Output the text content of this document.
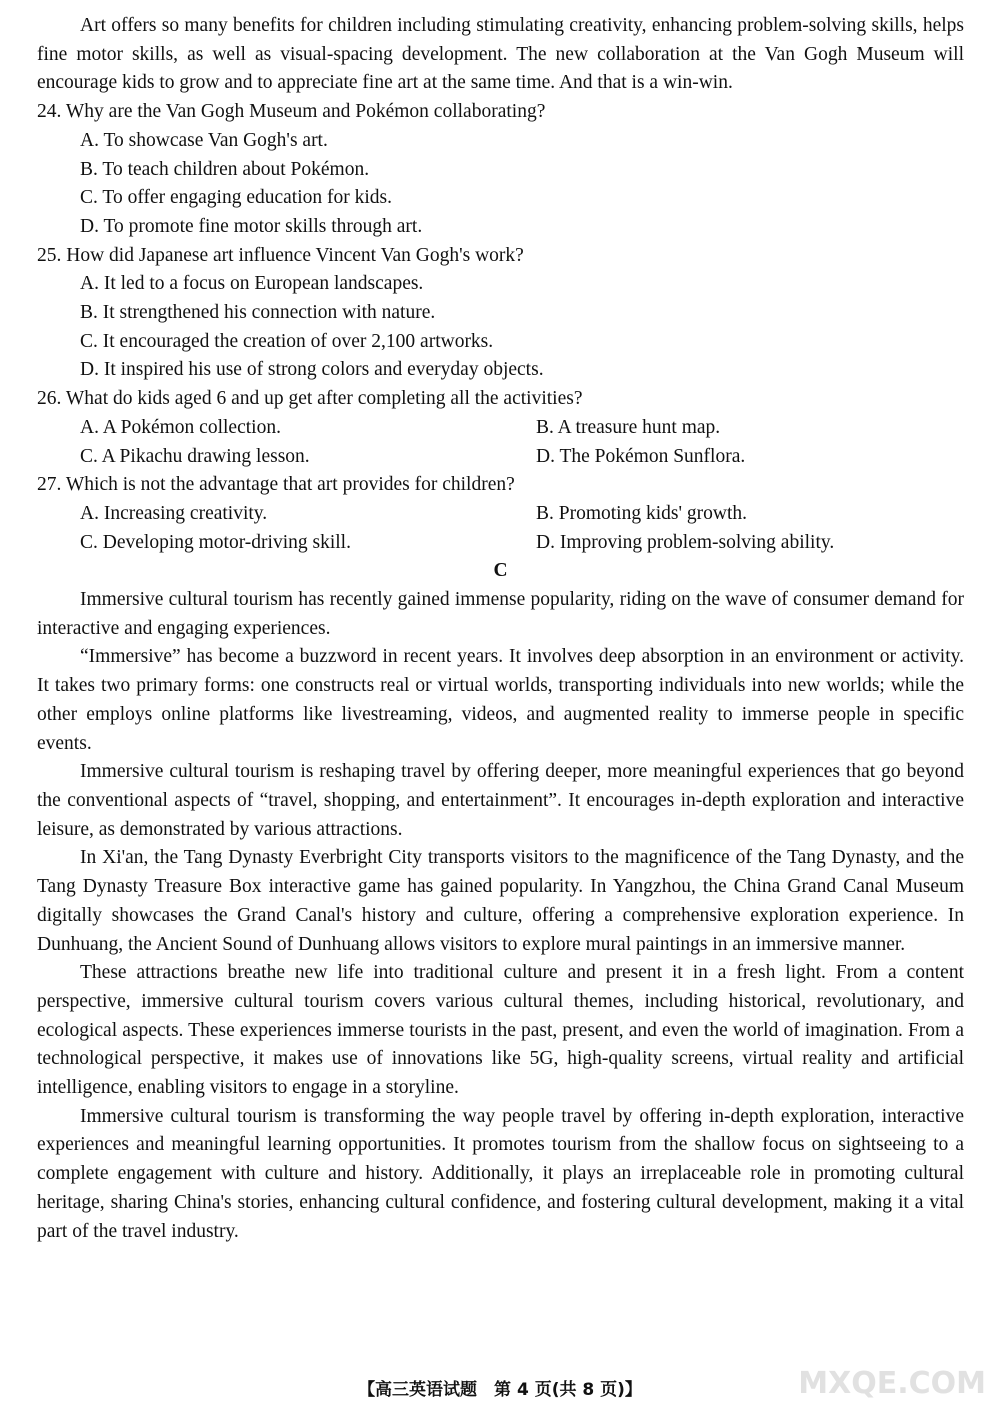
Art offers so many benefits for children including stimulating creativity, enhancing problem-solving skills, helps fine motor skills, as well as visual-spacing development. The new collaboration at the Van Gogh Museum will encourage kids to grow and to appreciate fine art at the same time. And that is a win-win.

24. Why are the Van Gogh Museum and Pokémon collaborating?

A. To showcase Van Gogh's art.

B. To teach children about Pokémon.

C. To offer engaging education for kids.

D. To promote fine motor skills through art.

25. How did Japanese art influence Vincent Van Gogh's work?

A. It led to a focus on European landscapes.

B. It strengthened his connection with nature.

C. It encouraged the creation of over 2,100 artworks.

D. It inspired his use of strong colors and everyday objects.

26. What do kids aged 6 and up get after completing all the activities?

A. A Pokémon collection.	B. A treasure hunt map.
C. A Pikachu drawing lesson.	D. The Pokémon Sunflora.

27. Which is not the advantage that art provides for children?

A. Increasing creativity.	B. Promoting kids' growth.
C. Developing motor-driving skill.	D. Improving problem-solving ability.

C

Immersive cultural tourism has recently gained immense popularity, riding on the wave of consumer demand for interactive and engaging experiences.

“Immersive” has become a buzzword in recent years. It involves deep absorption in an environment or activity. It takes two primary forms: one constructs real or virtual worlds, transporting individuals into new worlds; while the other employs online platforms like livestreaming, videos, and augmented reality to immerse people in specific events.

Immersive cultural tourism is reshaping travel by offering deeper, more meaningful experiences that go beyond the conventional aspects of “travel, shopping, and entertainment”. It encourages in-depth exploration and interactive leisure, as demonstrated by various attractions.

In Xi'an, the Tang Dynasty Everbright City transports visitors to the magnificence of the Tang Dynasty, and the Tang Dynasty Treasure Box interactive game has gained popularity. In Yangzhou, the China Grand Canal Museum digitally showcases the Grand Canal's history and culture, offering a comprehensive exploration experience. In Dunhuang, the Ancient Sound of Dunhuang allows visitors to explore mural paintings in an immersive manner.

These attractions breathe new life into traditional culture and present it in a fresh light. From a content perspective, immersive cultural tourism covers various cultural themes, including historical, revolutionary, and ecological aspects. These experiences immerse tourists in the past, present, and even the world of imagination. From a technological perspective, it makes use of innovations like 5G, high-quality screens, virtual reality and artificial intelligence, enabling visitors to engage in a storyline.

Immersive cultural tourism is transforming the way people travel by offering in-depth exploration, interactive experiences and meaningful learning opportunities. It promotes tourism from the shallow focus on sightseeing to a complete engagement with culture and history. Additionally, it plays an irreplaceable role in promoting cultural heritage, sharing China's stories, enhancing cultural confidence, and fostering cultural development, making it a vital part of the travel industry.

【高三英语试题　第 4 页(共 8 页)】	MXQE.COM
